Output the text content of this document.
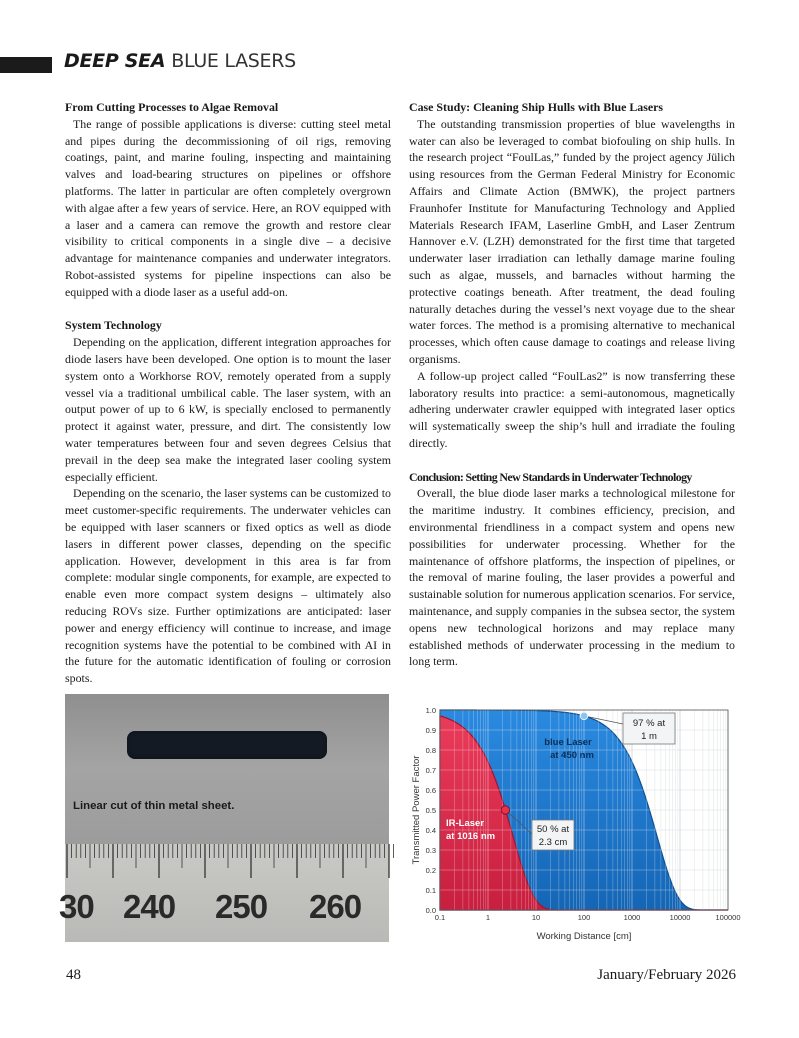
DEEP SEA BLUE LASERS
From Cutting Processes to Algae Removal

The range of possible applications is diverse: cutting steel metal and pipes during the decommissioning of oil rigs, removing coatings, paint, and marine fouling, inspecting and maintaining valves and load-bearing structures on pipelines or offshore platforms. The latter in particular are often completely overgrown with algae after a few years of service. Here, an ROV equipped with a laser and a camera can remove the growth and restore clear visibility to critical components in a single dive – a decisive advantage for maintenance companies and underwater integrators. Robot-assisted systems for pipeline inspections can also be equipped with a diode laser as a useful add-on.

System Technology

Depending on the application, different integration approaches for diode lasers have been developed. One option is to mount the laser system onto a Workhorse ROV, remotely operated from a supply vessel via a traditional umbilical cable. The laser system, with an output power of up to 6 kW, is specially enclosed to permanently protect it against water, pressure, and dirt. The consistently low water temperatures between four and seven degrees Celsius that prevail in the deep sea make the integrated laser cooling system especially efficient.

Depending on the scenario, the laser systems can be customized to meet customer-specific requirements. The underwater vehicles can be equipped with laser scanners or fixed optics as well as diode lasers in different power classes, depending on the specific application. However, development in this area is far from complete: modular single components, for example, are expected to enable even more compact system designs – ultimately also reducing ROVs size. Further optimizations are anticipated: laser power and energy efficiency will continue to increase, and image recognition systems have the potential to be combined with AI in the future for the automatic identification of fouling or corrosion spots.

Case Study: Cleaning Ship Hulls with Blue Lasers

The outstanding transmission properties of blue wavelengths in water can also be leveraged to combat biofouling on ship hulls. In the research project “FoulLas,” funded by the project agency Jülich using resources from the German Federal Ministry for Economic Affairs and Climate Action (BMWK), the project partners Fraunhofer Institute for Manufacturing Technology and Applied Materials Research IFAM, Laserline GmbH, and Laser Zentrum Hannover e.V. (LZH) demonstrated for the first time that targeted underwater laser irradiation can lethally damage marine fouling such as algae, mussels, and barnacles without harming the protective coatings beneath. After treatment, the dead fouling naturally detaches during the vessel’s next voyage due to the shear water forces. The method is a promising alternative to mechanical processes, which often cause damage to coatings and release living organisms.

A follow-up project called “FoulLas2” is now transferring these laboratory results into practice: a semi-autonomous, magnetically adhering underwater crawler equipped with integrated laser optics will systematically sweep the ship’s hull and irradiate the fouling directly.

Conclusion: Setting New Standards in Underwater Technology

Overall, the blue diode laser marks a technological milestone for the maritime industry. It combines efficiency, precision, and environmental friendliness in a compact system and opens new possibilities for underwater processing. Whether for the maintenance of offshore platforms, the inspection of pipelines, or the removal of marine fouling, the laser provides a powerful and sustainable solution for numerous application scenarios. For service, maintenance, and supply companies in the subsea sector, the system opens new technological horizons and may replace many established methods of underwater processing in the medium to long term.

Linear cut of thin metal sheet.
30 240 250 260
1.0
0.9
0.8
0.7
0.6
0.5
0.4
0.3
0.2
0.1
0.0
0.1	1	10	100	1000	10000	100000
Transmitted Power Factor
Working Distance [cm]
blue Laser
at 450 nm
IR-Laser
at 1016 nm
97 % at
1 m
50 % at
2.3 cm
48	January/February 2026
